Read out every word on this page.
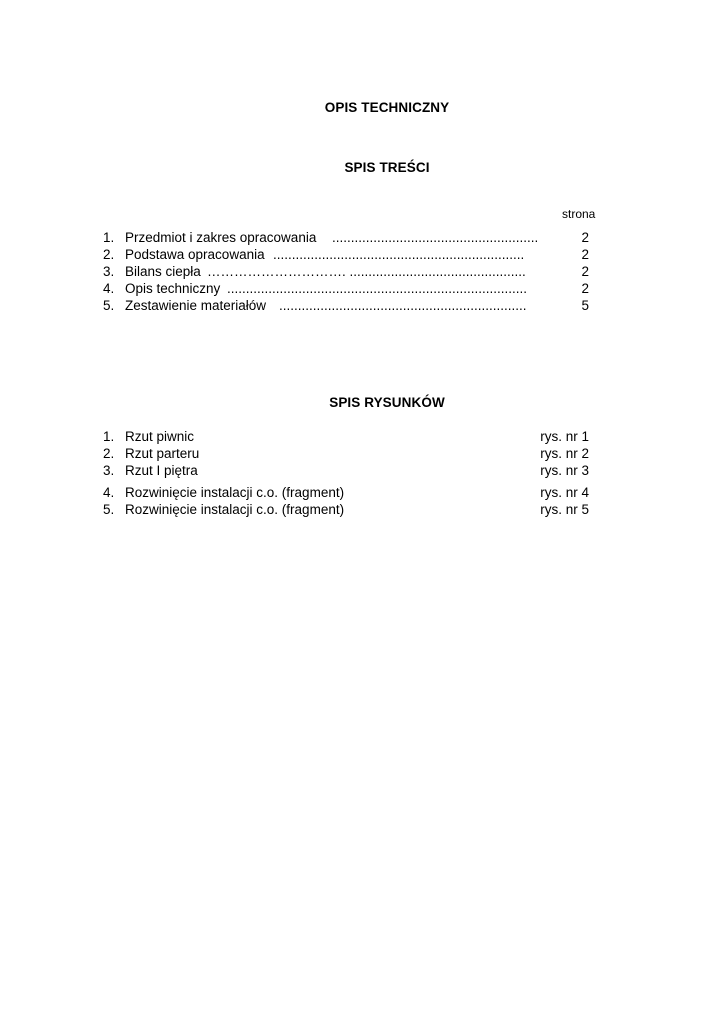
OPIS TECHNICZNY
SPIS TREŚCI
strona
1. Przedmiot i zakres opracowania .......................................................	2
2. Podstawa opracowania ...................................................................	2
3. Bilans ciepła …………………………. ...............................................	2
4. Opis techniczny ................................................................................	2
5. Zestawienie materiałów ..................................................................	5
SPIS RYSUNKÓW
1. Rzut piwnic	rys. nr 1
2. Rzut parteru	rys. nr 2
3. Rzut I piętra	rys. nr 3
4. Rozwinięcie instalacji c.o. (fragment)	rys. nr 4
5. Rozwinięcie instalacji c.o. (fragment)	rys. nr 5
